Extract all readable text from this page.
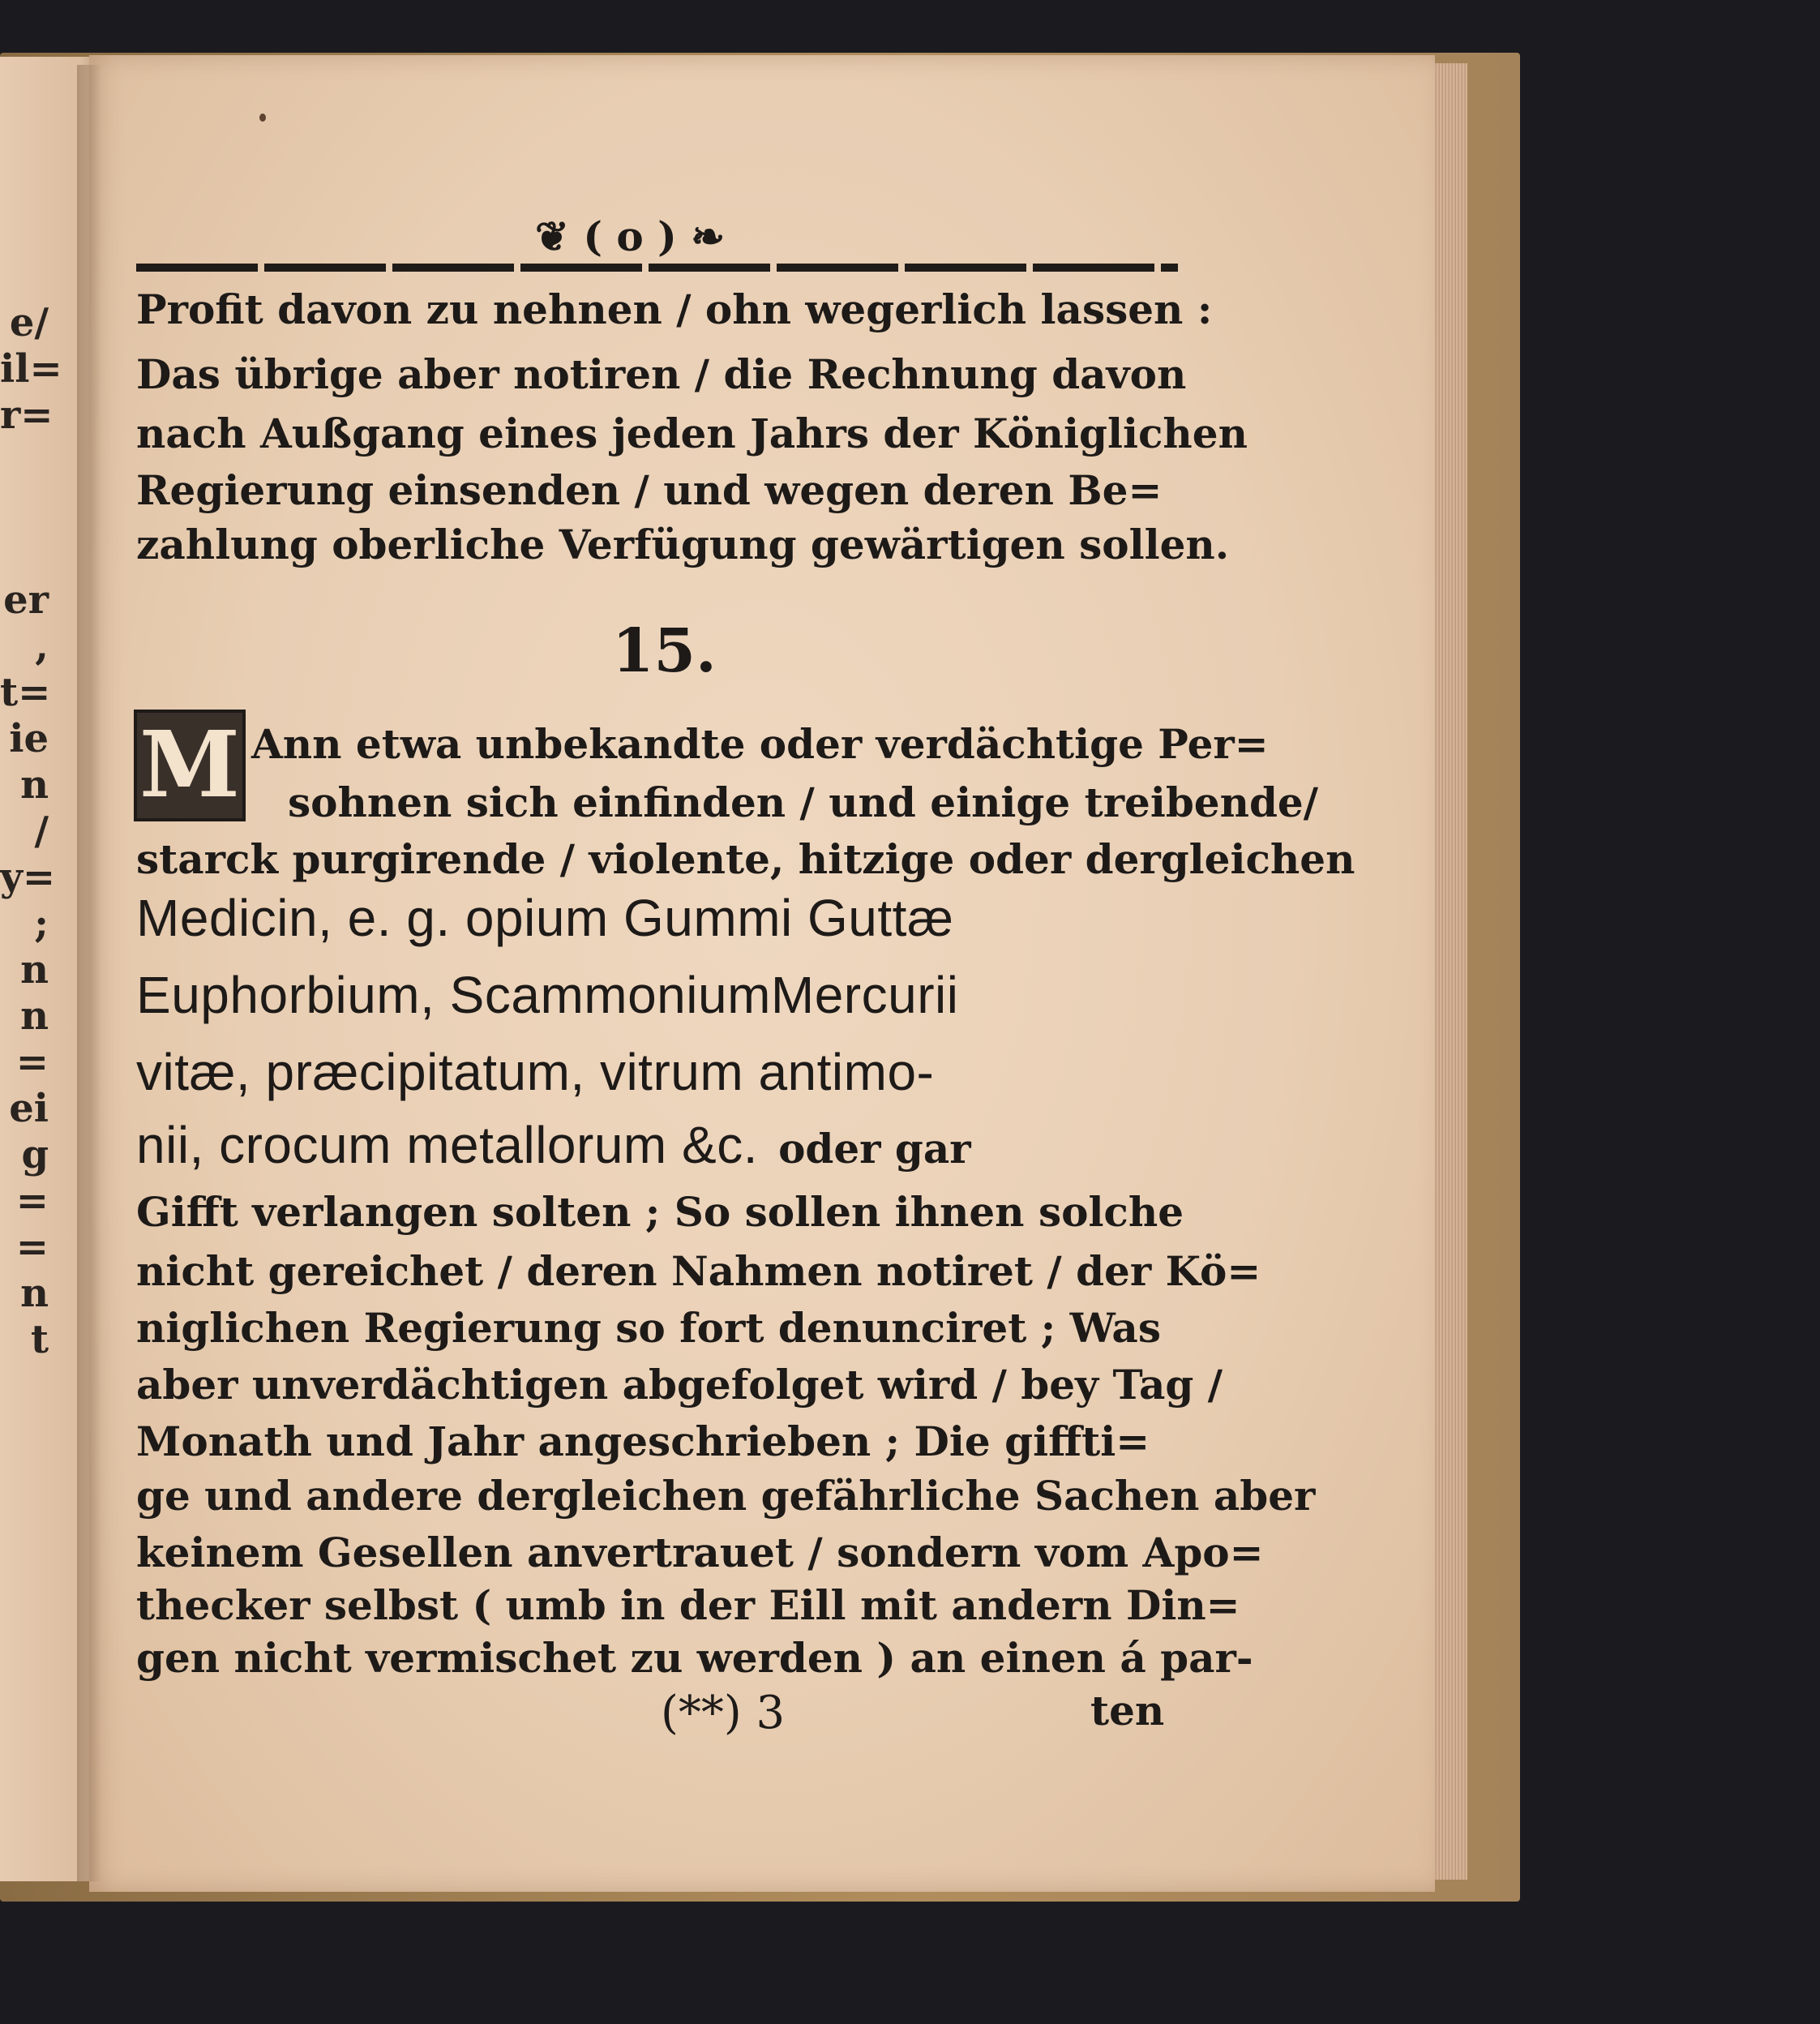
e/
il=
r=
er
,
t=
ie
n
/
y=
;
n
n
=
ei
g
=
=
n
t
❦ ( o ) ❧
Profit davon zu nehnen / ohn wegerlich lassen :
Das übrige aber notiren / die Rechnung davon
nach Außgang eines jeden Jahrs der Königlichen
Regierung einsenden / und wegen deren Be=
zahlung oberliche Verfügung gewärtigen sollen.
15.
M Ann etwa unbekandte oder verdächtige Per=
sohnen sich einfinden / und einige treibende/
starck purgirende / violente, hitzige oder dergleichen
Medicin, e. g. opium Gummi Guttæ
Euphorbium, ScammoniumMercurii
vitæ, præcipitatum, vitrum antimo-
nii, crocum metallorum &c. oder gar
Gifft verlangen solten ; So sollen ihnen solche
nicht gereichet / deren Nahmen notiret / der Kö=
niglichen Regierung so fort denunciret ; Was
aber unverdächtigen abgefolget wird / bey Tag /
Monath und Jahr angeschrieben ; Die giffti=
ge und andere dergleichen gefährliche Sachen aber
keinem Gesellen anvertrauet / sondern vom Apo=
thecker selbst ( umb in der Eill mit andern Din=
gen nicht vermischet zu werden ) an einen á par-
(**) 3	ten
